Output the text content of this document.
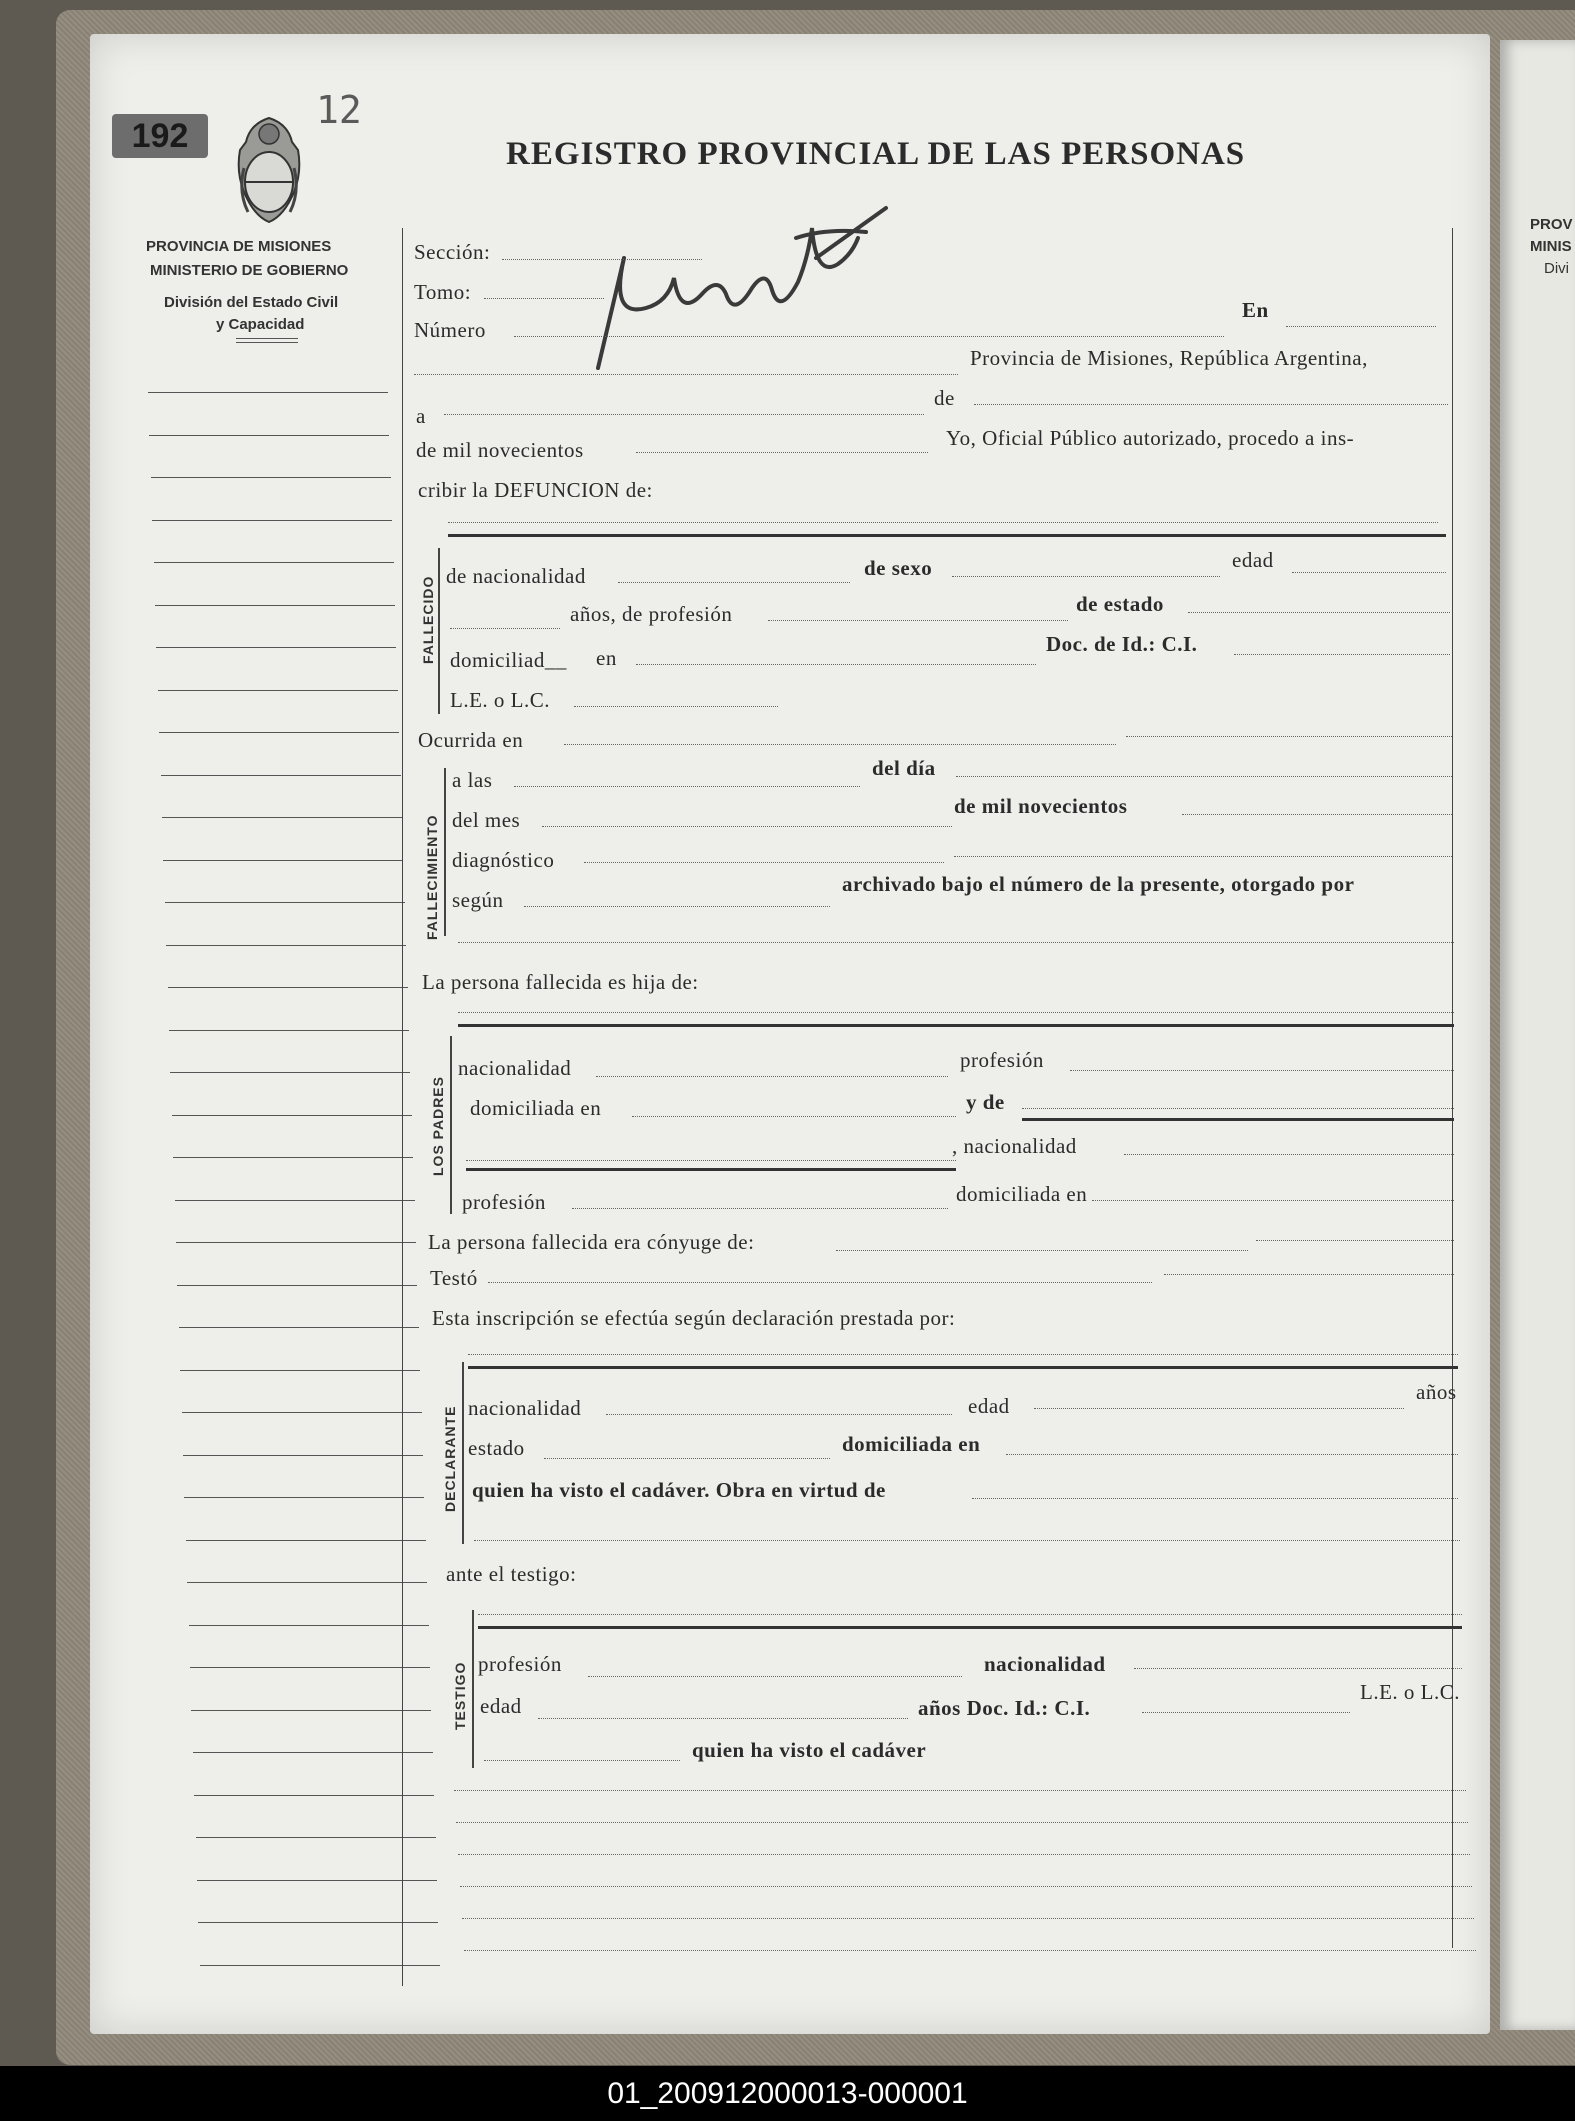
PROV
MINIS
Divi
192
12
PROVINCIA DE MISIONES
MINISTERIO DE GOBIERNO
División del Estado Civil
y Capacidad
REGISTRO PROVINCIAL DE LAS PERSONAS
Sección:
Tomo:
Número
En
Provincia de Misiones, República Argentina,
a
de
de mil novecientos	Yo, Oficial Público autorizado, procedo a ins-
cribir la DEFUNCION de:
FALLECIDO de nacionalidad	de sexo	edad
años, de profesión	de estado
domiciliad__ en
Doc. de Id.: C.I.
L.E. o L.C.
Ocurrida en
FALLECIMIENTO
a las	del día
del mes
de mil novecientos
diagnóstico
según
archivado bajo el número de la presente, otorgado por
La persona fallecida es hija de:
LOS PADRES
nacionalidad	profesión
domiciliada en	y de
, nacionalidad
profesión	domiciliada en
La persona fallecida era cónyuge de:
Testó
Esta inscripción se efectúa según declaración prestada por:
DECLARANTE nacionalidad	edad
años
estado	domiciliada en
quien ha visto el cadáver. Obra en virtud de
ante el testigo:
TESTIGO profesión	nacionalidad
edad	años Doc. Id.: C.I.
L.E. o L.C.
quien ha visto el cadáver
01_200912000013-000001
